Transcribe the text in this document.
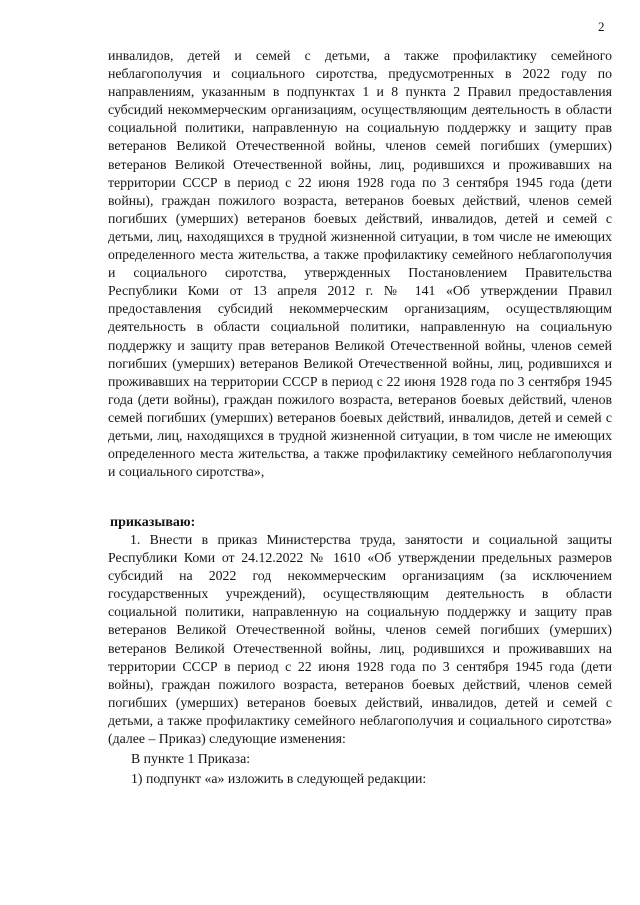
2

инвалидов, детей и семей с детьми, а также профилактику семейного неблагополучия и социального сиротства, предусмотренных в 2022 году по направлениям, указанным в подпунктах 1 и 8 пункта 2 Правил предоставления субсидий некоммерческим организациям, осуществляющим деятельность в области социальной политики, направленную на социальную поддержку и защиту прав ветеранов Великой Отечественной войны, членов семей погибших (умерших) ветеранов Великой Отечественной войны, лиц, родившихся и проживавших на территории СССР в период с 22 июня 1928 года по 3 сентября 1945 года (дети войны), граждан пожилого возраста, ветеранов боевых действий, членов семей погибших (умерших) ветеранов боевых действий, инвалидов, детей и семей с детьми, лиц, находящихся в трудной жизненной ситуации, в том числе не имеющих определенного места жительства, а также профилактику семейного неблагополучия и социального сиротства, утвержденных Постановлением Правительства Республики Коми от 13 апреля 2012 г. № 141 «Об утверждении Правил предоставления субсидий некоммерческим организациям, осуществляющим деятельность в области социальной политики, направленную на социальную поддержку и защиту прав ветеранов Великой Отечественной войны, членов семей погибших (умерших) ветеранов Великой Отечественной войны, лиц, родившихся и проживавших на территории СССР в период с 22 июня 1928 года по 3 сентября 1945 года (дети войны), граждан пожилого возраста, ветеранов боевых действий, членов семей погибших (умерших) ветеранов боевых действий, инвалидов, детей и семей с детьми, лиц, находящихся в трудной жизненной ситуации, в том числе не имеющих определенного места жительства, а также профилактику семейного неблагополучия и социального сиротства»,

приказываю:

1. Внести в приказ Министерства труда, занятости и социальной защиты Республики Коми от 24.12.2022 № 1610 «Об утверждении предельных размеров субсидий на 2022 год некоммерческим организациям (за исключением государственных учреждений), осуществляющим деятельность в области социальной политики, направленную на социальную поддержку и защиту прав ветеранов Великой Отечественной войны, членов семей погибших (умерших) ветеранов Великой Отечественной войны, лиц, родившихся и проживавших на территории СССР в период с 22 июня 1928 года по 3 сентября 1945 года (дети войны), граждан пожилого возраста, ветеранов боевых действий, членов семей погибших (умерших) ветеранов боевых действий, инвалидов, детей и семей с детьми, а также профилактику семейного неблагополучия и социального сиротства» (далее – Приказ) следующие изменения:

В пункте 1 Приказа:

1) подпункт «а» изложить в следующей редакции:
